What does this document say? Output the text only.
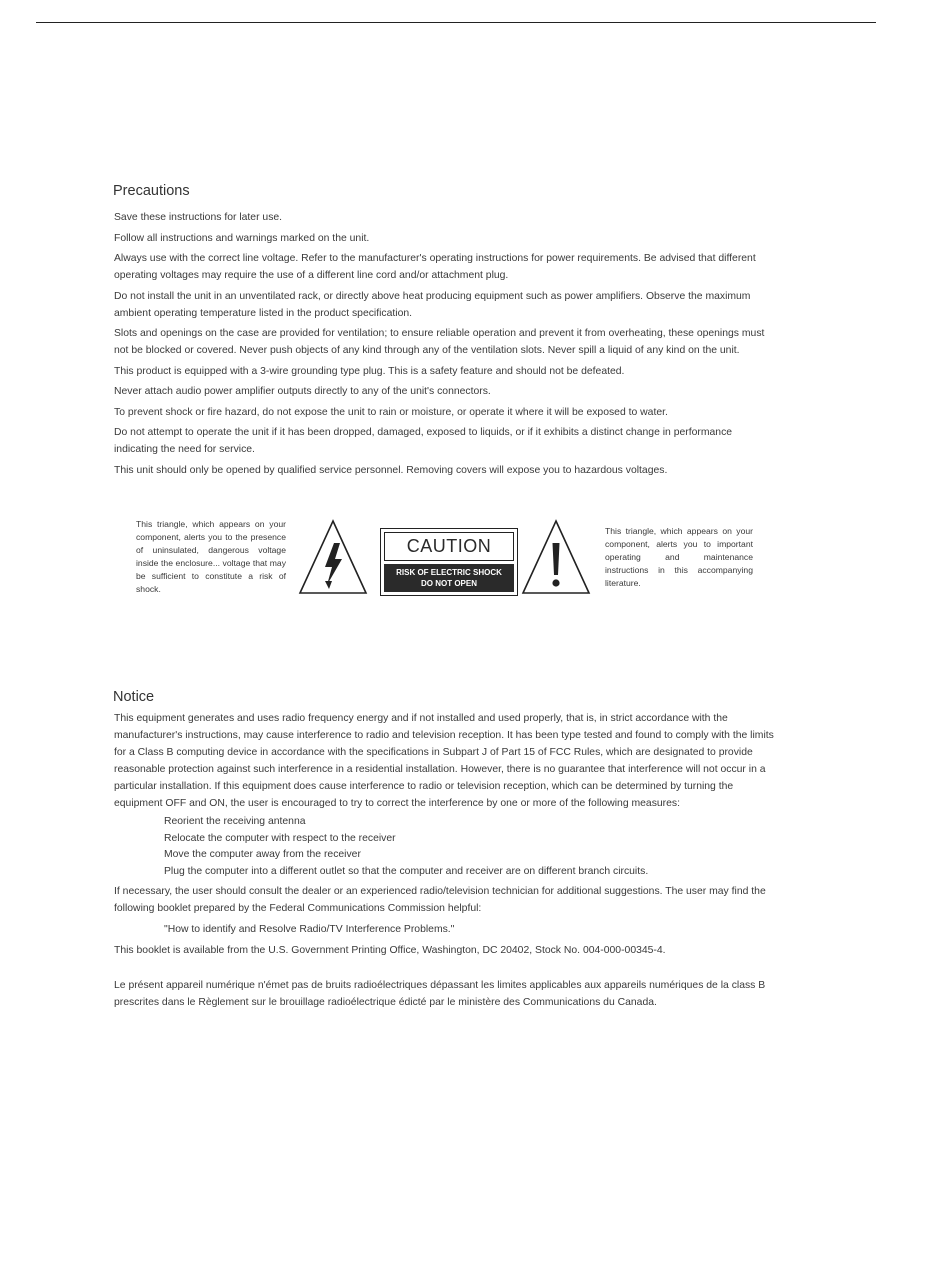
Precautions

Save these instructions for later use.

Follow all instructions and warnings marked on the unit.

Always use with the correct line voltage. Refer to the manufacturer's operating instructions for power requirements. Be advised that different operating voltages may require the use of a different line cord and/or attachment plug.

Do not install the unit in an unventilated rack, or directly above heat producing equipment such as power amplifiers. Observe the maximum ambient operating temperature listed in the product specification.

Slots and openings on the case are provided for ventilation; to ensure reliable operation and prevent it from overheating, these openings must not be blocked or covered. Never push objects of any kind through any of the ventilation slots. Never spill a liquid of any kind on the unit.

This product is equipped with a 3-wire grounding type plug. This is a safety feature and should not be defeated.

Never attach audio power amplifier outputs directly to any of the unit's connectors.

To prevent shock or fire hazard, do not expose the unit to rain or moisture, or operate it where it will be exposed to water.

Do not attempt to operate the unit if it has been dropped, damaged, exposed to liquids, or if it exhibits a distinct change in performance indicating the need for service.

This unit should only be opened by qualified service personnel. Removing covers will expose you to hazardous voltages.

This triangle, which appears on your component, alerts you to the presence of uninsulated, dangerous voltage inside the enclosure... voltage that may be sufficient to constitute a risk of shock.
CAUTION
RISK OF ELECTRIC SHOCK
DO NOT OPEN
This triangle, which appears on your component, alerts you to important operating and maintenance instructions in this accompanying literature.
Notice

This equipment generates and uses radio frequency energy and if not installed and used properly, that is, in strict accordance with the manufacturer's instructions, may cause interference to radio and television reception. It has been type tested and found to comply with the limits for a Class B computing device in accordance with the specifications in Subpart J of Part 15 of FCC Rules, which are designated to provide reasonable protection against such interference in a residential installation. However, there is no guarantee that interference will not occur in a particular installation. If this equipment does cause interference to radio or television reception, which can be determined by turning the equipment OFF and ON, the user is encouraged to try to correct the interference by one or more of the following measures:

Reorient the receiving antenna
Relocate the computer with respect to the receiver
Move the computer away from the receiver
Plug the computer into a different outlet so that the computer and receiver are on different branch circuits.

If necessary, the user should consult the dealer or an experienced radio/television technician for additional suggestions. The user may find the following booklet prepared by the Federal Communications Commission helpful:

"How to identify and Resolve Radio/TV Interference Problems."

This booklet is available from the U.S. Government Printing Office, Washington, DC 20402, Stock No. 004-000-00345-4.

Le présent appareil numérique n'émet pas de bruits radioélectriques dépassant les limites applicables aux appareils numériques de la class B prescrites dans le Règlement sur le brouillage radioélectrique édicté par le ministère des Communications du Canada.
